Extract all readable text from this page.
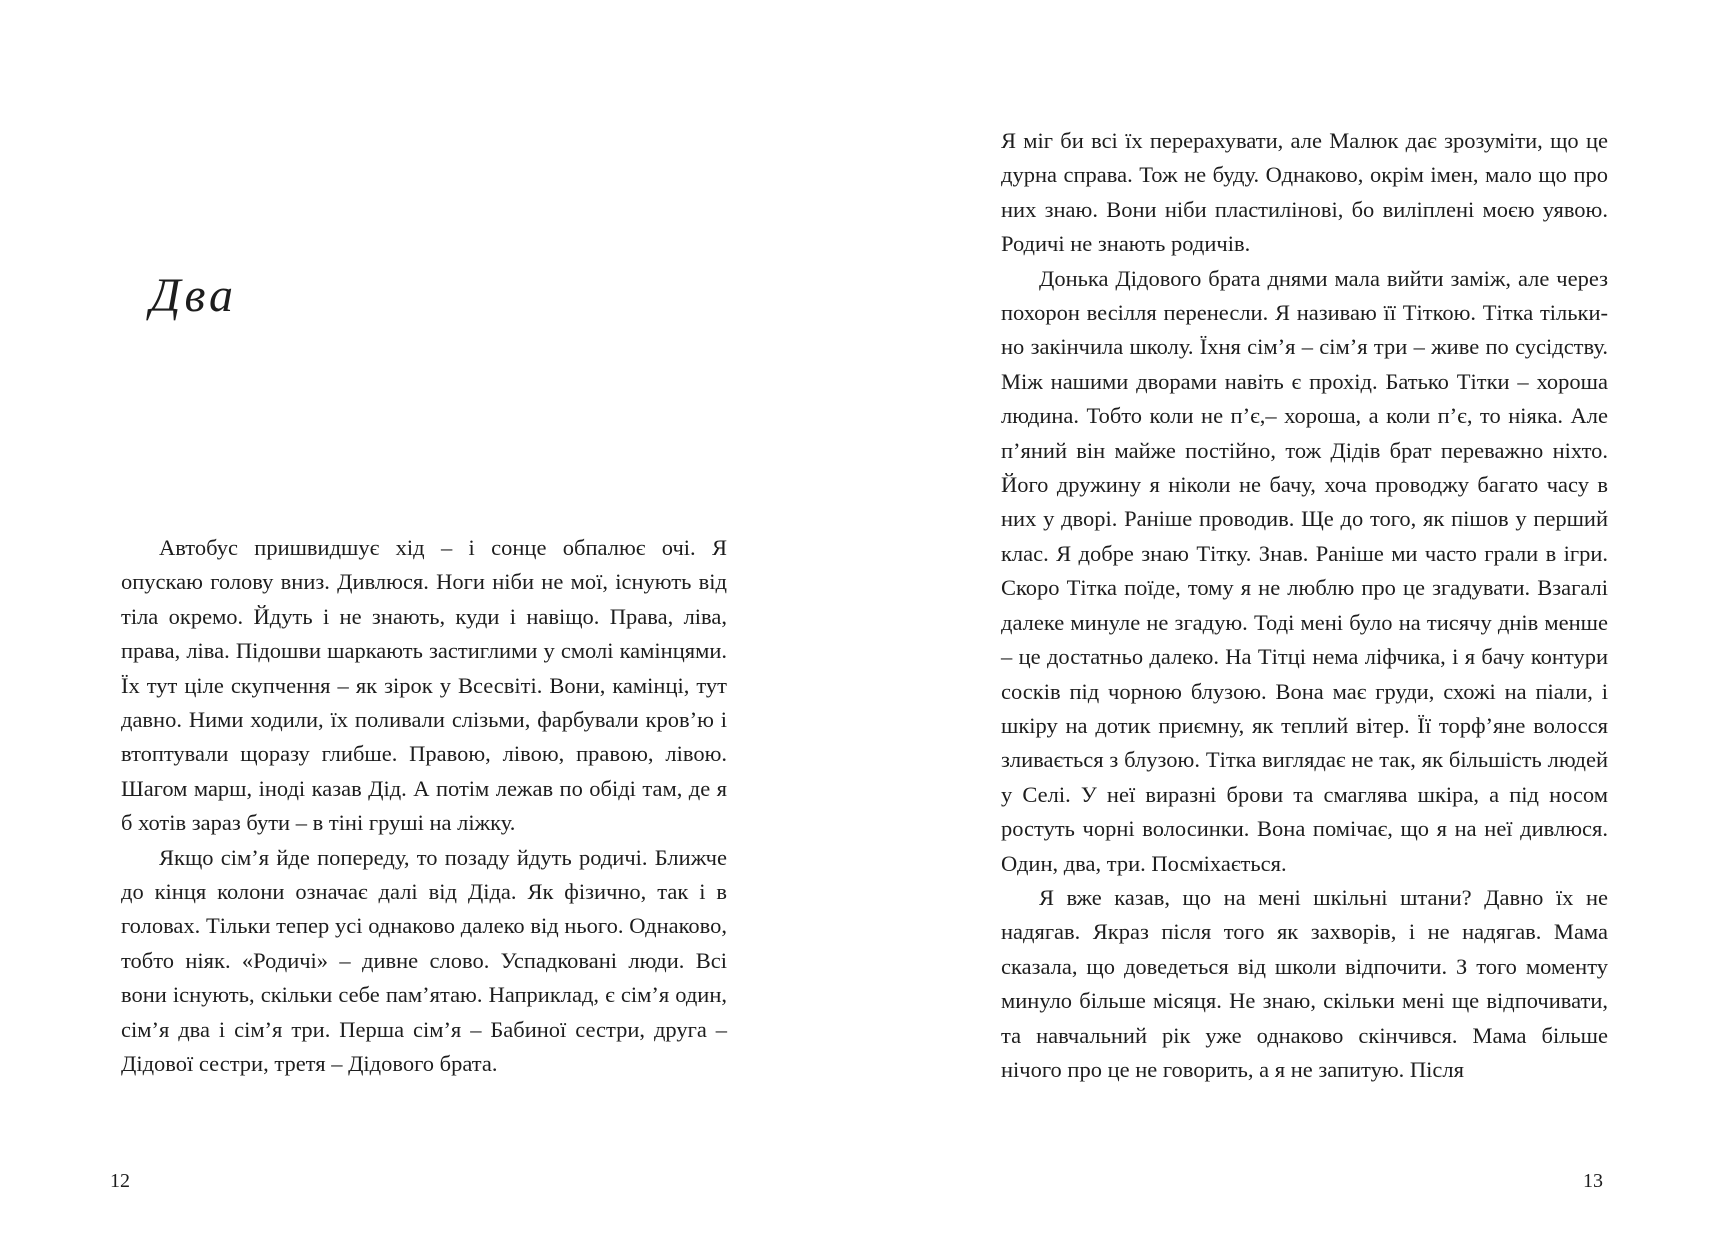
Два

Автобус пришвидшує хід – і сонце обпалює очі. Я опускаю голову вниз. Дивлюся. Ноги ніби не мої, існують від тіла окремо. Йдуть і не знають, куди і навіщо. Права, ліва, права, ліва. Підошви шаркають застиглими у смолі камінцями. Їх тут ціле скупчення – як зірок у Всесвіті. Вони, камінці, тут давно. Ними ходили, їх поливали слізьми, фарбували кров’ю і втоптували щоразу глибше. Правою, лівою, правою, лівою. Шагом марш, іноді казав Дід. А потім лежав по обіді там, де я б хотів зараз бути – в тіні груші на ліжку.

Якщо сім’я йде попереду, то позаду йдуть родичі. Ближче до кінця колони означає далі від Діда. Як фізично, так і в головах. Тільки тепер усі однаково далеко від нього. Однаково, тобто ніяк. «Родичі» – дивне слово. Успадковані люди. Всі вони існують, скільки себе пам’ятаю. Наприклад, є сім’я один, сім’я два і сім’я три. Перша сім’я – Бабиної сестри, друга – Дідової сестри, третя – Дідового брата.

12

Я міг би всі їх перерахувати, але Малюк дає зрозуміти, що це дурна справа. Тож не буду. Однаково, окрім імен, мало що про них знаю. Вони ніби пластилінові, бо виліплені моєю уявою. Родичі не знають родичів.

Донька Дідового брата днями мала вийти заміж, але через похорон весілля перенесли. Я називаю її Тіткою. Тітка тільки-но закінчила школу. Їхня сім’я – сім’я три – живе по сусідству. Між нашими дворами навіть є прохід. Батько Тітки – хороша людина. Тобто коли не п’є,– хороша, а коли п’є, то ніяка. Але п’яний він майже постійно, тож Дідів брат переважно ніхто. Його дружину я ніколи не бачу, хоча проводжу багато часу в них у дворі. Раніше проводив. Ще до того, як пішов у перший клас. Я добре знаю Тітку. Знав. Раніше ми часто грали в ігри. Скоро Тітка поїде, тому я не люблю про це згадувати. Взагалі далеке минуле не згадую. Тоді мені було на тисячу днів менше – це достатньо далеко. На Тітці нема ліфчика, і я бачу контури сосків під чорною блузою. Вона має груди, схожі на піали, і шкіру на дотик приємну, як теплий вітер. Її торф’яне волосся зливається з блузою. Тітка виглядає не так, як більшість людей у Селі. У неї виразні брови та смаглява шкіра, а під носом ростуть чорні волосинки. Вона помічає, що я на неї дивлюся. Один, два, три. Посміхається.

Я вже казав, що на мені шкільні штани? Давно їх не надягав. Якраз після того як захворів, і не надягав. Мама сказала, що доведеться від школи відпочити. З того моменту минуло більше місяця. Не знаю, скільки мені ще відпочивати, та навчальний рік уже однаково скінчився. Мама більше нічого про це не говорить, а я не запитую. Після

13
